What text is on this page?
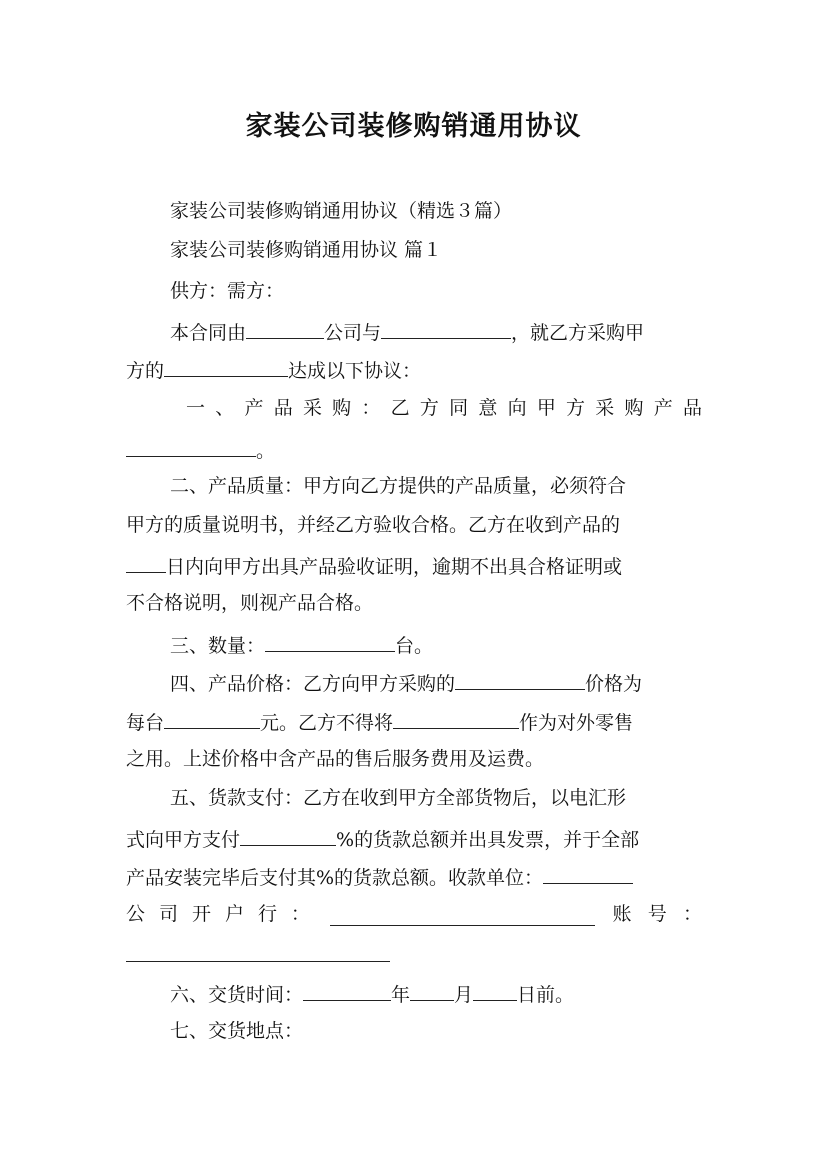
家装公司装修购销通用协议
家装公司装修购销通用协议（精选３篇）
家装公司装修购销通用协议 篇１
供方：需方：
本合同由	公司与	，就乙方采购甲
方的	达成以下协议：
一 、 产 品 采 购 ： 乙 方 同 意 向 甲 方 采 购 产 品
。
二、产品质量：甲方向乙方提供的产品质量，必须符合
甲方的质量说明书，并经乙方验收合格。乙方在收到产品的
日内向甲方出具产品验收证明，逾期不出具合格证明或
不合格说明，则视产品合格。
三、数量：	台。
四、产品价格：乙方向甲方采购的	价格为
每台	元。乙方不得将	作为对外零售
之用。上述价格中含产品的售后服务费用及运费。
五、货款支付：乙方在收到甲方全部货物后，以电汇形
式向甲方支付	%的货款总额并出具发票，并于全部
产品安装完毕后支付其%的货款总额。收款单位：
公 司 开 户 行 ：	账 号 ：
六、交货时间：	年 月 日前。
七、交货地点：
